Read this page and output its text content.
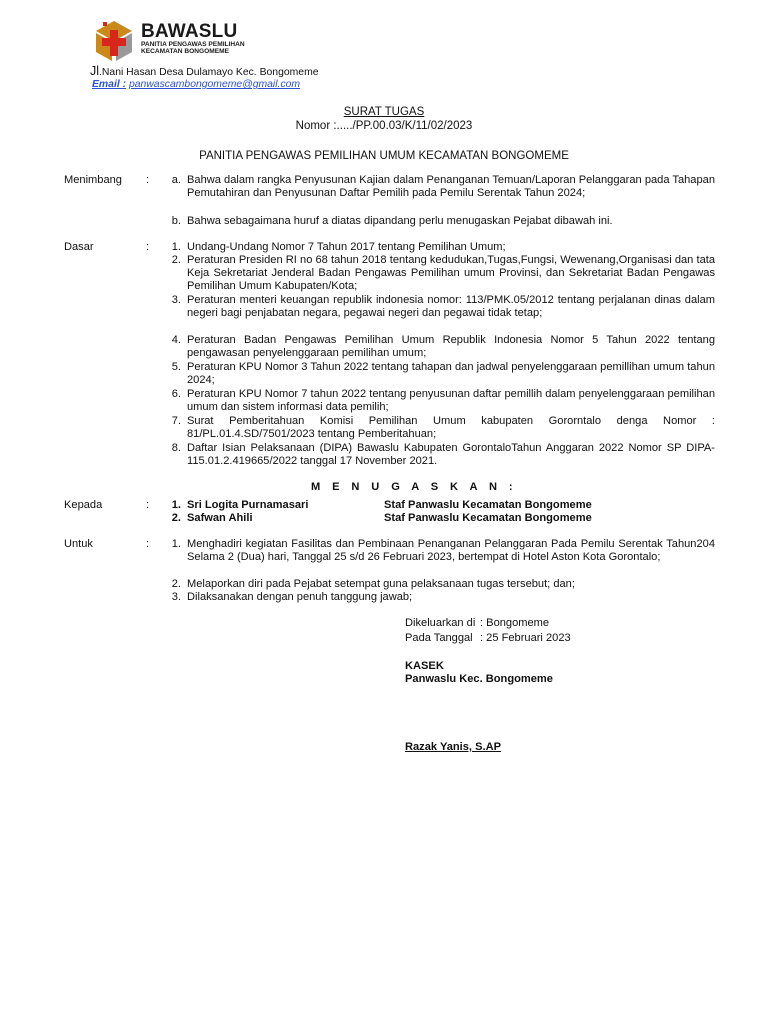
BAWASLU
PANITIA PENGAWAS PEMILIHAN
KECAMATAN BONGOMEME
Jl.Nani Hasan Desa Dulamayo Kec. Bongomeme
Email : panwascambongomeme@gmail.com
SURAT TUGAS
Nomor :...../PP.00.03/K/11/02/2023
PANITIA PENGAWAS PEMILIHAN UMUM KECAMATAN BONGOMEME
Menimbang :	a. Bahwa dalam rangka Penyusunan Kajian dalam Penanganan Temuan/Laporan Pelanggaran pada Tahapan Pemutahiran dan Penyusunan Daftar Pemilih pada Pemilu Serentak Tahun 2024;
b. Bahwa sebagaimana huruf a diatas dipandang perlu menugaskan Pejabat dibawah ini.
Dasar	:	1. Undang-Undang Nomor 7 Tahun 2017 tentang Pemilihan Umum;
2. Peraturan Presiden RI no 68 tahun 2018 tentang kedudukan,Tugas,Fungsi, Wewenang,Organisasi dan tata Keja Sekretariat Jenderal Badan Pengawas Pemilihan umum Provinsi, dan Sekretariat Badan Pengawas Pemilihan Umum Kabupaten/Kota;
3. Peraturan menteri keuangan republik indonesia nomor: 113/PMK.05/2012 tentang perjalanan dinas dalam negeri bagi penjabatan negara, pegawai negeri dan pegawai tidak tetap;
4. Peraturan Badan Pengawas Pemilihan Umum Republik Indonesia Nomor 5 Tahun 2022 tentang pengawasan penyelenggaraan pemilihan umum;
5. Peraturan KPU Nomor 3 Tahun 2022 tentang tahapan dan jadwal penyelenggaraan pemillihan umum tahun 2024;
6. Peraturan KPU Nomor 7 tahun 2022 tentang penyusunan daftar pemillih dalam penyelenggaraan pemilihan umum dan sistem informasi data pemilih;
7. Surat Pemberitahuan Komisi Pemilihan Umum kabupaten Gororntalo denga Nomor : 81/PL.01.4.SD/7501/2023 tentang Pemberitahuan;
8. Daftar Isian Pelaksanaan (DIPA) Bawaslu Kabupaten GorontaloTahun Anggaran 2022 Nomor SP DIPA-115.01.2.419665/2022 tanggal 17 November 2021.
M E N U G A S K A N :
Kepada	:	1. Sri Logita Purnamasari	Staf Panwaslu Kecamatan Bongomeme
2. Safwan Ahili	Staf Panwaslu Kecamatan Bongomeme
Untuk	:	1. Menghadiri kegiatan Fasilitas dan Pembinaan Penanganan Pelanggaran Pada Pemilu Serentak Tahun204 Selama 2 (Dua) hari, Tanggal 25 s/d 26 Februari 2023, bertempat di Hotel Aston Kota Gorontalo;
2. Melaporkan diri pada Pejabat setempat guna pelaksanaan tugas tersebut; dan;
3. Dilaksanakan dengan penuh tanggung jawab;
Dikeluarkan di : Bongomeme
Pada Tanggal : 25 Februari 2023
KASEK
Panwaslu Kec. Bongomeme
Razak Yanis, S.AP
